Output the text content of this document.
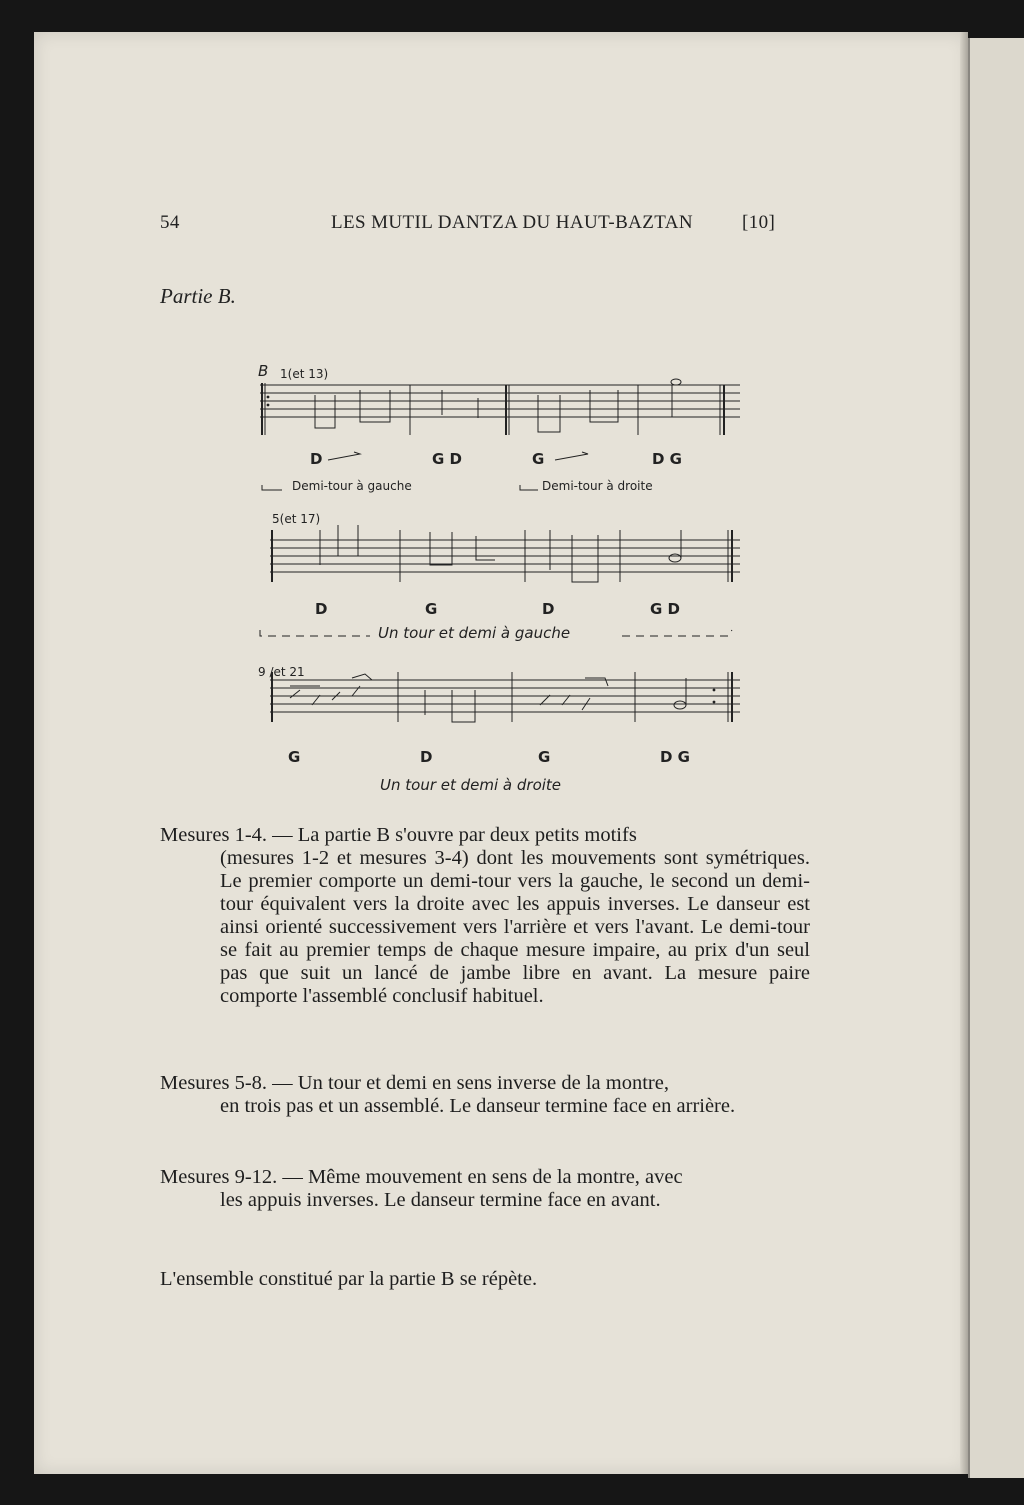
54	LES MUTIL DANTZA DU HAUT-BAZTAN	[10]
Partie B.
B 1(et 13)
D	G D	G	D G
Demi-tour à gauche	Demi-tour à droite
5(et 17)
D	G	D	G D
Un tour et demi à gauche
9 /et 21
G	D	G	D G
Un tour et demi à droite

Mesures 1-4. — La partie B s'ouvre par deux petits motifs
(mesures 1-2 et mesures 3-4) dont les mouvements sont symétriques. Le premier comporte un demi-tour vers la gauche, le second un demi-tour équivalent vers la droite avec les appuis inverses. Le danseur est ainsi orienté successivement vers l'arrière et vers l'avant. Le demi-tour se fait au premier temps de chaque mesure impaire, au prix d'un seul pas que suit un lancé de jambe libre en avant. La mesure paire comporte l'assemblé conclusif habituel.

Mesures 5-8. — Un tour et demi en sens inverse de la montre,
en trois pas et un assemblé. Le danseur termine face en arrière.

Mesures 9-12. — Même mouvement en sens de la montre, avec
les appuis inverses. Le danseur termine face en avant.

L'ensemble constitué par la partie B se répète.
